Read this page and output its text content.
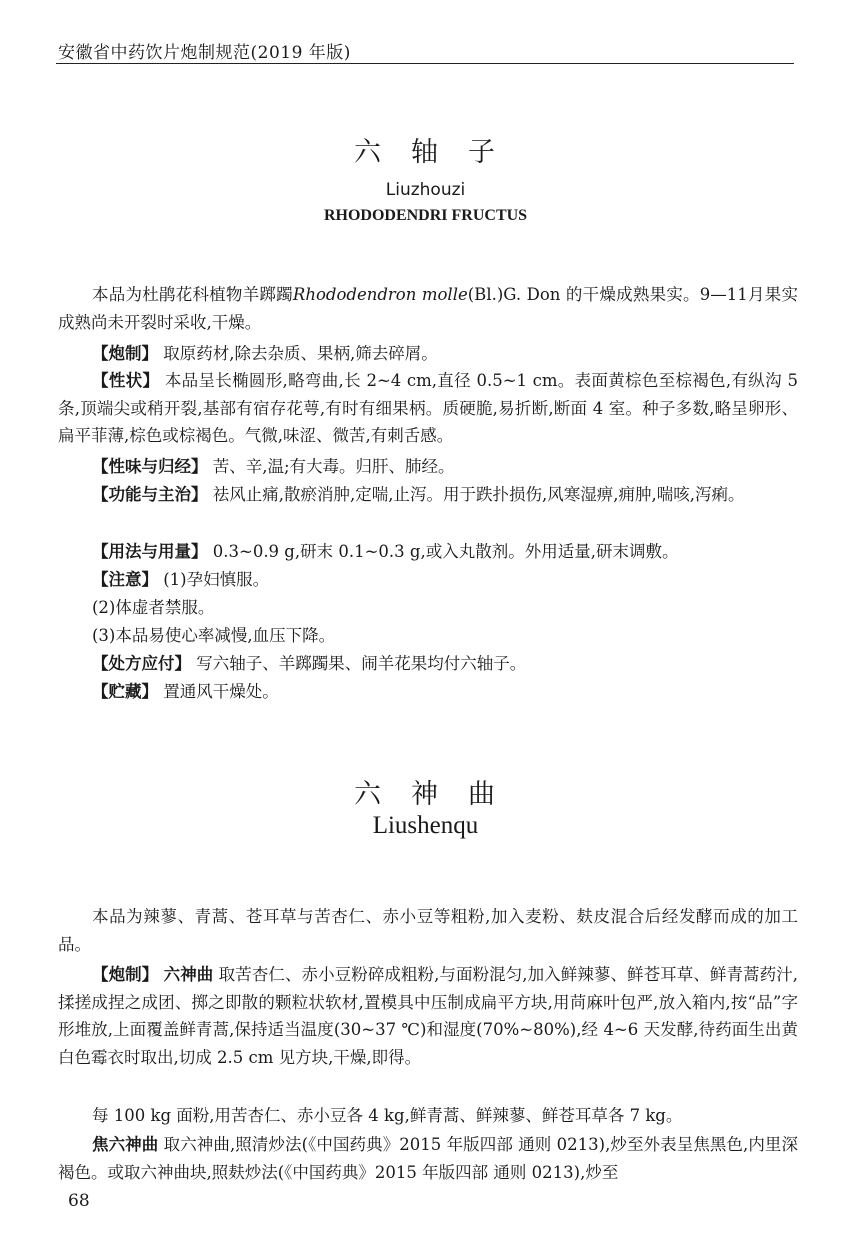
安徽省中药饮片炮制规范(2019 年版)
六 轴 子
Liuzhouzi
RHODODENDRI FRUCTUS
本品为杜鹃花科植物羊踯躅Rhododendron molle(Bl.)G. Don 的干燥成熟果实。9—11月果实成熟尚未开裂时采收,干燥。
【炮制】 取原药材,除去杂质、果柄,筛去碎屑。
【性状】 本品呈长椭圆形,略弯曲,长 2~4 cm,直径 0.5~1 cm。表面黄棕色至棕褐色,有纵沟 5 条,顶端尖或稍开裂,基部有宿存花萼,有时有细果柄。质硬脆,易折断,断面 4 室。种子多数,略呈卵形、扁平菲薄,棕色或棕褐色。气微,味涩、微苦,有刺舌感。
【性味与归经】 苦、辛,温;有大毒。归肝、肺经。
【功能与主治】 祛风止痛,散瘀消肿,定喘,止泻。用于跌扑损伤,风寒湿痹,痈肿,喘咳,泻痢。
【用法与用量】 0.3~0.9 g,研末 0.1~0.3 g,或入丸散剂。外用适量,研末调敷。
【注意】 (1)孕妇慎服。
(2)体虚者禁服。
(3)本品易使心率减慢,血压下降。
【处方应付】 写六轴子、羊踯躅果、闹羊花果均付六轴子。
【贮藏】 置通风干燥处。
六 神 曲
Liushenqu
本品为辣蓼、青蒿、苍耳草与苦杏仁、赤小豆等粗粉,加入麦粉、麸皮混合后经发酵而成的加工品。
【炮制】 六神曲 取苦杏仁、赤小豆粉碎成粗粉,与面粉混匀,加入鲜辣蓼、鲜苍耳草、鲜青蒿药汁,揉搓成捏之成团、掷之即散的颗粒状软材,置模具中压制成扁平方块,用苘麻叶包严,放入箱内,按“品”字形堆放,上面覆盖鲜青蒿,保持适当温度(30~37 ℃)和湿度(70%~80%),经 4~6 天发酵,待药面生出黄白色霉衣时取出,切成 2.5 cm 见方块,干燥,即得。
每 100 kg 面粉,用苦杏仁、赤小豆各 4 kg,鲜青蒿、鲜辣蓼、鲜苍耳草各 7 kg。
焦六神曲 取六神曲,照清炒法(《中国药典》2015 年版四部 通则 0213),炒至外表呈焦黑色,内里深褐色。或取六神曲块,照麸炒法(《中国药典》2015 年版四部 通则 0213),炒至
68
